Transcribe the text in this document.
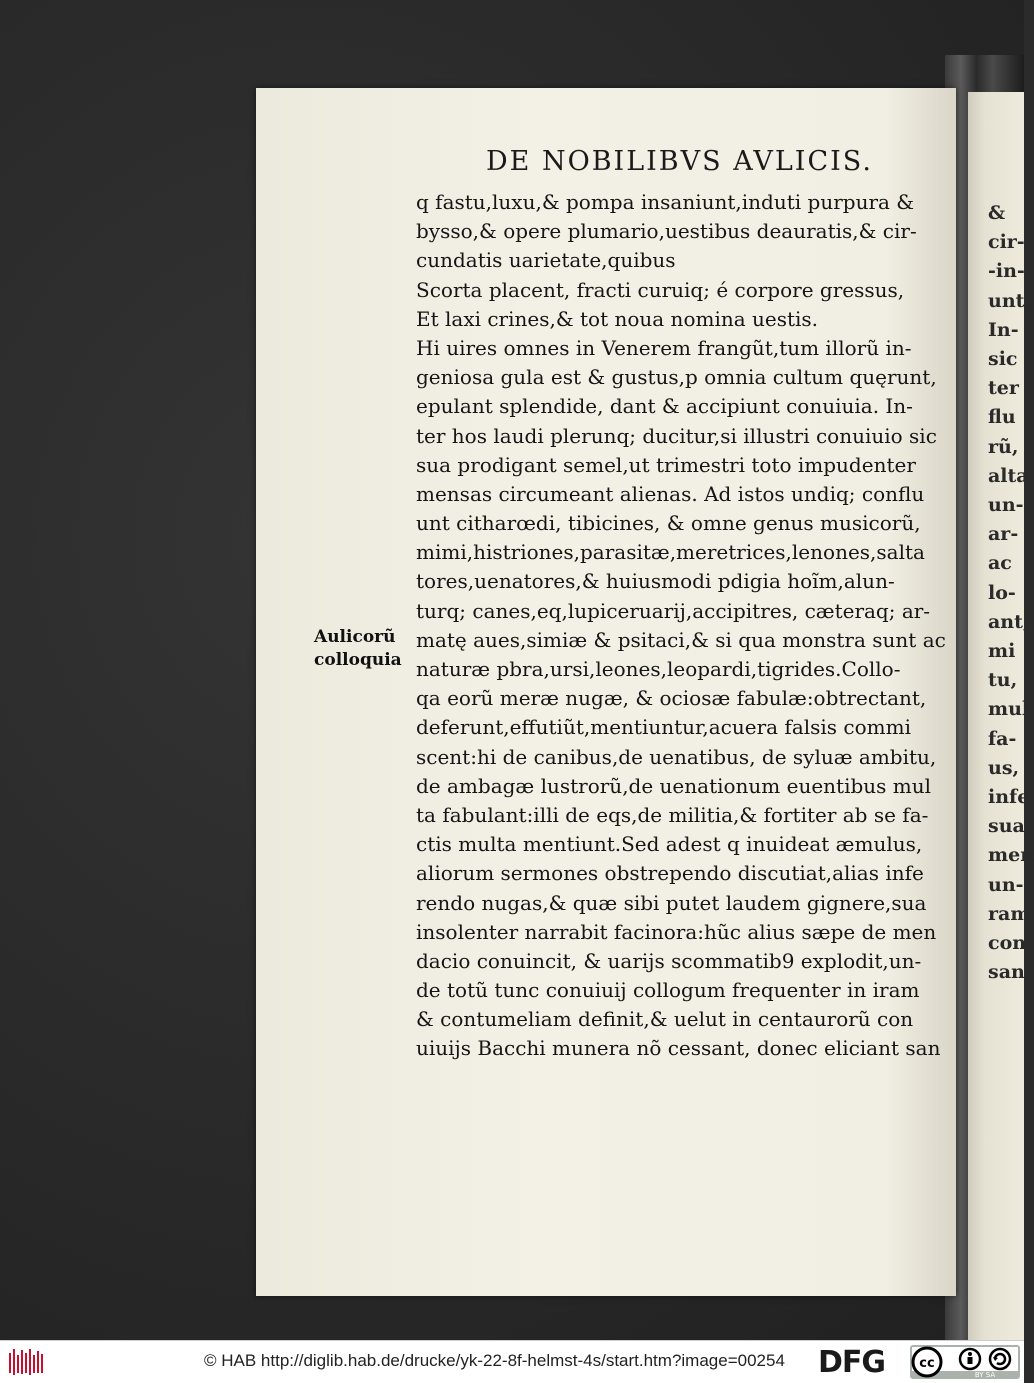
&
cir-
-in-
unt,
In-
sic
ter
flu
rũ,
alta
un-
ar-
ac
lo-
ant,
mi
tu,
mul
fa-
us,
infe
sua
men
un-
ram
con
san
DE NOBILIBVS AVLICIS.
q fastu,luxu,& pompa insaniunt,induti purpura &
bysso,& opere plumario,uestibus deauratis,& cir-
cundatis uarietate,quibus
Scorta placent, fracti curuiq; é corpore gressus,
Et laxi crines,& tot noua nomina uestis.
Hi uires omnes in Venerem frangũt,tum illorũ in-
geniosa gula est & gustus,p omnia cultum quęrunt,
epulant splendide, dant & accipiunt conuiuia. In-
ter hos laudi plerunq; ducitur,si illustri conuiuio sic
sua prodigant semel,ut trimestri toto impudenter
mensas circumeant alienas. Ad istos undiq; conflu
unt citharœdi, tibicines, & omne genus musicorũ,
mimi,histriones,parasitæ,meretrices,lenones,salta
tores,uenatores,& huiusmodi pdigia hoĩm,alun-
turq; canes,eq,lupiceruarij,accipitres, cæteraq; ar-
matę aues,simiæ & psitaci,& si qua monstra sunt ac
naturæ pbra,ursi,leones,leopardi,tigrides.Collo-
qa eorũ meræ nugæ, & ociosæ fabulæ:obtrectant,
deferunt,effutiũt,mentiuntur,acuera falsis commi
scent:hi de canibus,de uenatibus, de syluæ ambitu,
de ambagæ lustrorũ,de uenationum euentibus mul
ta fabulant:illi de eqs,de militia,& fortiter ab se fa-
ctis multa mentiunt.Sed adest q inuideat æmulus,
aliorum sermones obstrependo discutiat,alias infe
rendo nugas,& quæ sibi putet laudem gignere,sua
insolenter narrabit facinora:hũc alius sæpe de men
dacio conuincit, & uarijs scommatib9 explodit,un-
de totũ tunc conuiuij collogum frequenter in iram
& contumeliam definit,& uelut in centaurorũ con
uiuijs Bacchi munera nõ cessant, donec eliciant san
Aulicorũ
colloquia
© HAB http://diglib.hab.de/drucke/yk-22-8f-helmst-4s/start.htm?image=00254 DFG	cc
BY SA
